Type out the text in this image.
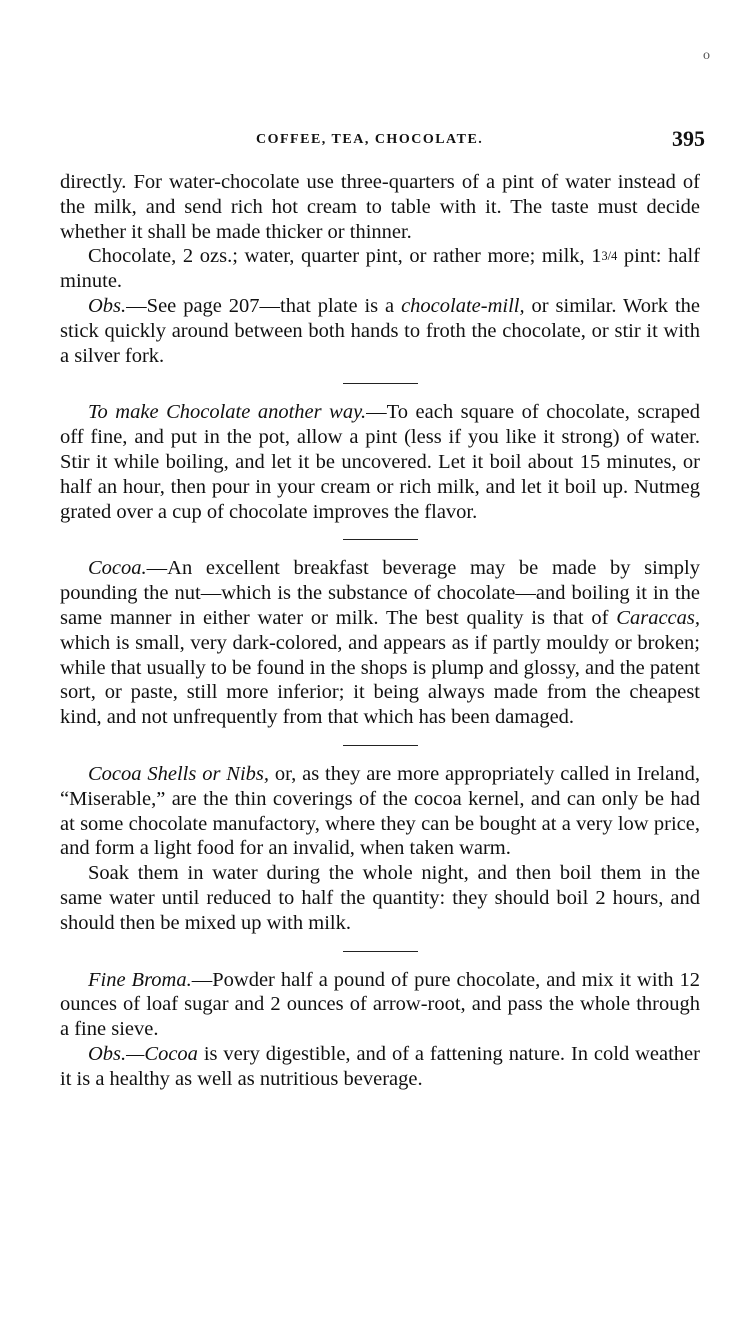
o
COFFEE, TEA, CHOCOLATE.	395

directly. For water-chocolate use three-quarters of a pint of water instead of the milk, and send rich hot cream to table with it. The taste must decide whether it shall be made thicker or thinner.

Chocolate, 2 ozs.; water, quarter pint, or rather more; milk, $1^{3/4}$ pint: half minute.

Obs.—See page 207—that plate is a chocolate-mill, or similar. Work the stick quickly around between both hands to froth the chocolate, or stir it with a silver fork.

To make Chocolate another way.—To each square of chocolate, scraped off fine, and put in the pot, allow a pint (less if you like it strong) of water. Stir it while boiling, and let it be uncovered. Let it boil about 15 minutes, or half an hour, then pour in your cream or rich milk, and let it boil up. Nutmeg grated over a cup of chocolate improves the flavor.

Cocoa.—An excellent breakfast beverage may be made by simply pounding the nut—which is the substance of chocolate—and boiling it in the same manner in either water or milk. The best quality is that of Caraccas, which is small, very dark-colored, and appears as if partly mouldy or broken; while that usually to be found in the shops is plump and glossy, and the patent sort, or paste, still more inferior; it being always made from the cheapest kind, and not unfrequently from that which has been damaged.

Cocoa Shells or Nibs, or, as they are more appropriately called in Ireland, “Miserable,” are the thin coverings of the cocoa kernel, and can only be had at some chocolate manufactory, where they can be bought at a very low price, and form a light food for an invalid, when taken warm.

Soak them in water during the whole night, and then boil them in the same water until reduced to half the quantity: they should boil 2 hours, and should then be mixed up with milk.

Fine Broma.—Powder half a pound of pure chocolate, and mix it with 12 ounces of loaf sugar and 2 ounces of arrow-root, and pass the whole through a fine sieve.

Obs.—Cocoa is very digestible, and of a fattening nature. In cold weather it is a healthy as well as nutritious beverage.
